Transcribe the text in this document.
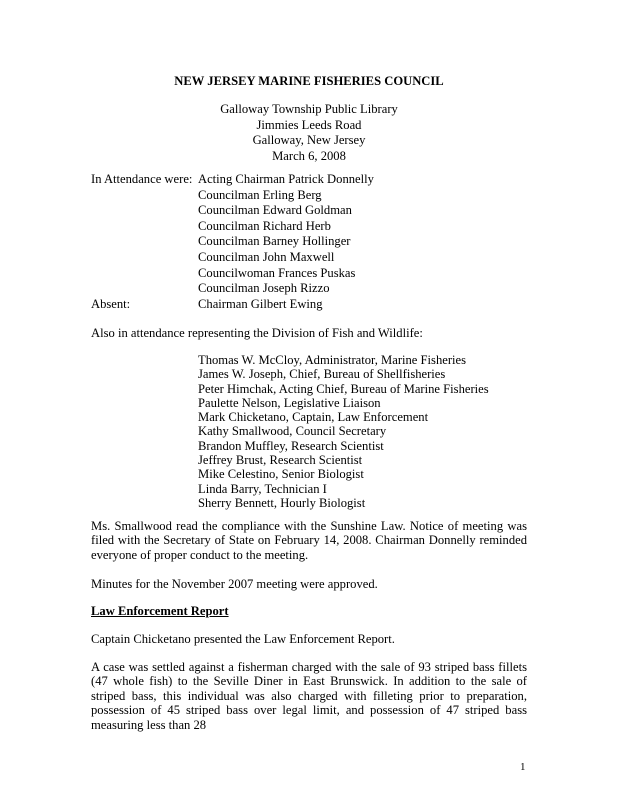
NEW JERSEY MARINE FISHERIES COUNCIL
Galloway Township Public Library
Jimmies Leeds Road
Galloway, New Jersey
March 6, 2008
In Attendance were: Acting Chairman Patrick Donnelly
Councilman Erling Berg
Councilman Edward Goldman
Councilman Richard Herb
Councilman Barney Hollinger
Councilman John Maxwell
Councilwoman Frances Puskas
Councilman Joseph Rizzo
Absent:	Chairman Gilbert Ewing
Also in attendance representing the Division of Fish and Wildlife:
Thomas W. McCloy, Administrator, Marine Fisheries
James W. Joseph, Chief, Bureau of Shellfisheries
Peter Himchak, Acting Chief, Bureau of Marine Fisheries
Paulette Nelson, Legislative Liaison
Mark Chicketano, Captain, Law Enforcement
Kathy Smallwood, Council Secretary
Brandon Muffley, Research Scientist
Jeffrey Brust, Research Scientist
Mike Celestino, Senior Biologist
Linda Barry, Technician I
Sherry Bennett, Hourly Biologist
Ms. Smallwood read the compliance with the Sunshine Law. Notice of meeting was filed with the Secretary of State on February 14, 2008. Chairman Donnelly reminded everyone of proper conduct to the meeting.
Minutes for the November 2007 meeting were approved.
Law Enforcement Report
Captain Chicketano presented the Law Enforcement Report.
A case was settled against a fisherman charged with the sale of 93 striped bass fillets (47 whole fish) to the Seville Diner in East Brunswick. In addition to the sale of striped bass, this individual was also charged with filleting prior to preparation, possession of 45 striped bass over legal limit, and possession of 47 striped bass measuring less than 28
1
